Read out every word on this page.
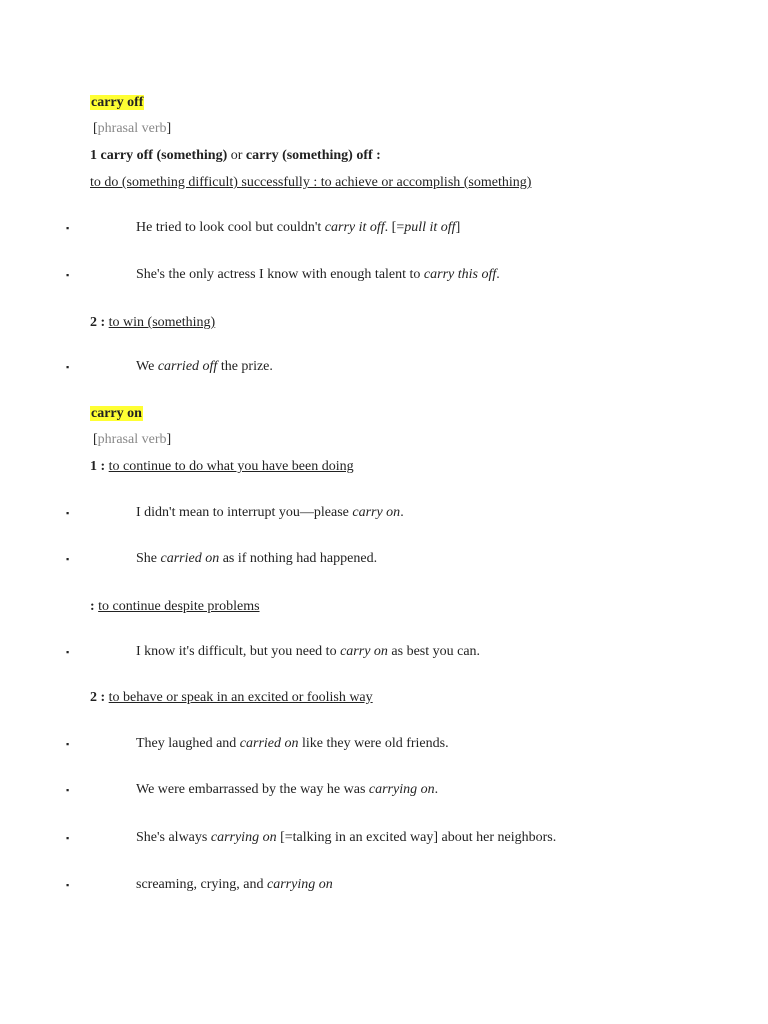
carry off
[phrasal verb]
1 carry off (something) or carry (something) off :
to do (something difficult) successfully : to achieve or accomplish (something)
▪	He tried to look cool but couldn't carry it off. [=pull it off]
▪	She's the only actress I know with enough talent to carry this off.
2 : to win (something)
▪	We carried off the prize.
carry on
[phrasal verb]
1 : to continue to do what you have been doing
▪	I didn't mean to interrupt you—please carry on.
▪	She carried on as if nothing had happened.
: to continue despite problems
▪	I know it's difficult, but you need to carry on as best you can.
2 : to behave or speak in an excited or foolish way
▪	They laughed and carried on like they were old friends.
▪	We were embarrassed by the way he was carrying on.
▪	She's always carrying on [=talking in an excited way] about her neighbors.
▪	screaming, crying, and carrying on
